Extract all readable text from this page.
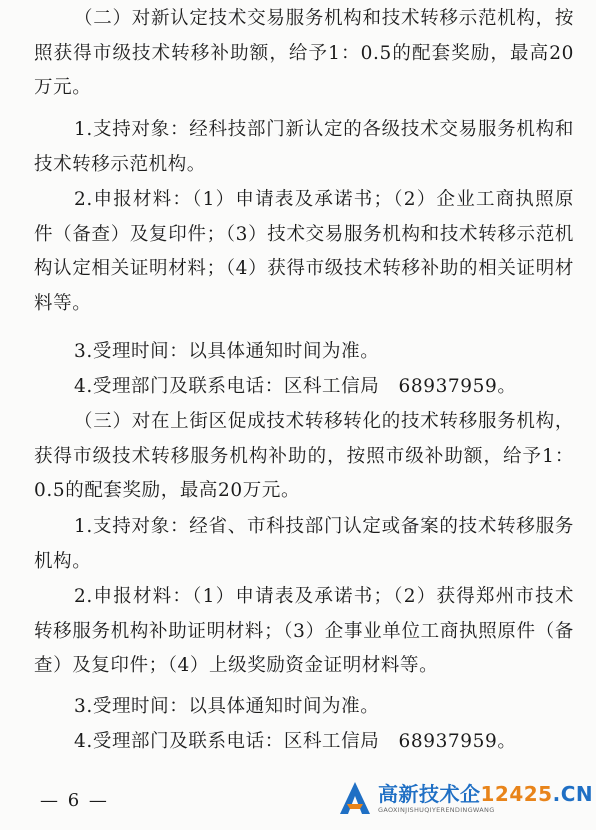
（二）对新认定技术交易服务机构和技术转移示范机构，按照获得市级技术转移补助额，给予1：0.5的配套奖励，最高20万元。

1.支持对象：经科技部门新认定的各级技术交易服务机构和技术转移示范机构。

2.申报材料：（1）申请表及承诺书；（2）企业工商执照原件（备查）及复印件；（3）技术交易服务机构和技术转移示范机构认定相关证明材料；（4）获得市级技术转移补助的相关证明材料等。

3.受理时间：以具体通知时间为准。

4.受理部门及联系电话：区科工信局　68937959。

（三）对在上街区促成技术转移转化的技术转移服务机构，获得市级技术转移服务机构补助的，按照市级补助额，给予1：0.5的配套奖励，最高20万元。

1.支持对象：经省、市科技部门认定或备案的技术转移服务机构。

2.申报材料：（1）申请表及承诺书；（2）获得郑州市技术转移服务机构补助证明材料；（3）企事业单位工商执照原件（备查）及复印件；（4）上级奖励资金证明材料等。

3.受理时间：以具体通知时间为准。

4.受理部门及联系电话：区科工信局　68937959。

— 6 —	高新技术企12425.CN
GAOXINJISHUQIYERENDINGWANG
